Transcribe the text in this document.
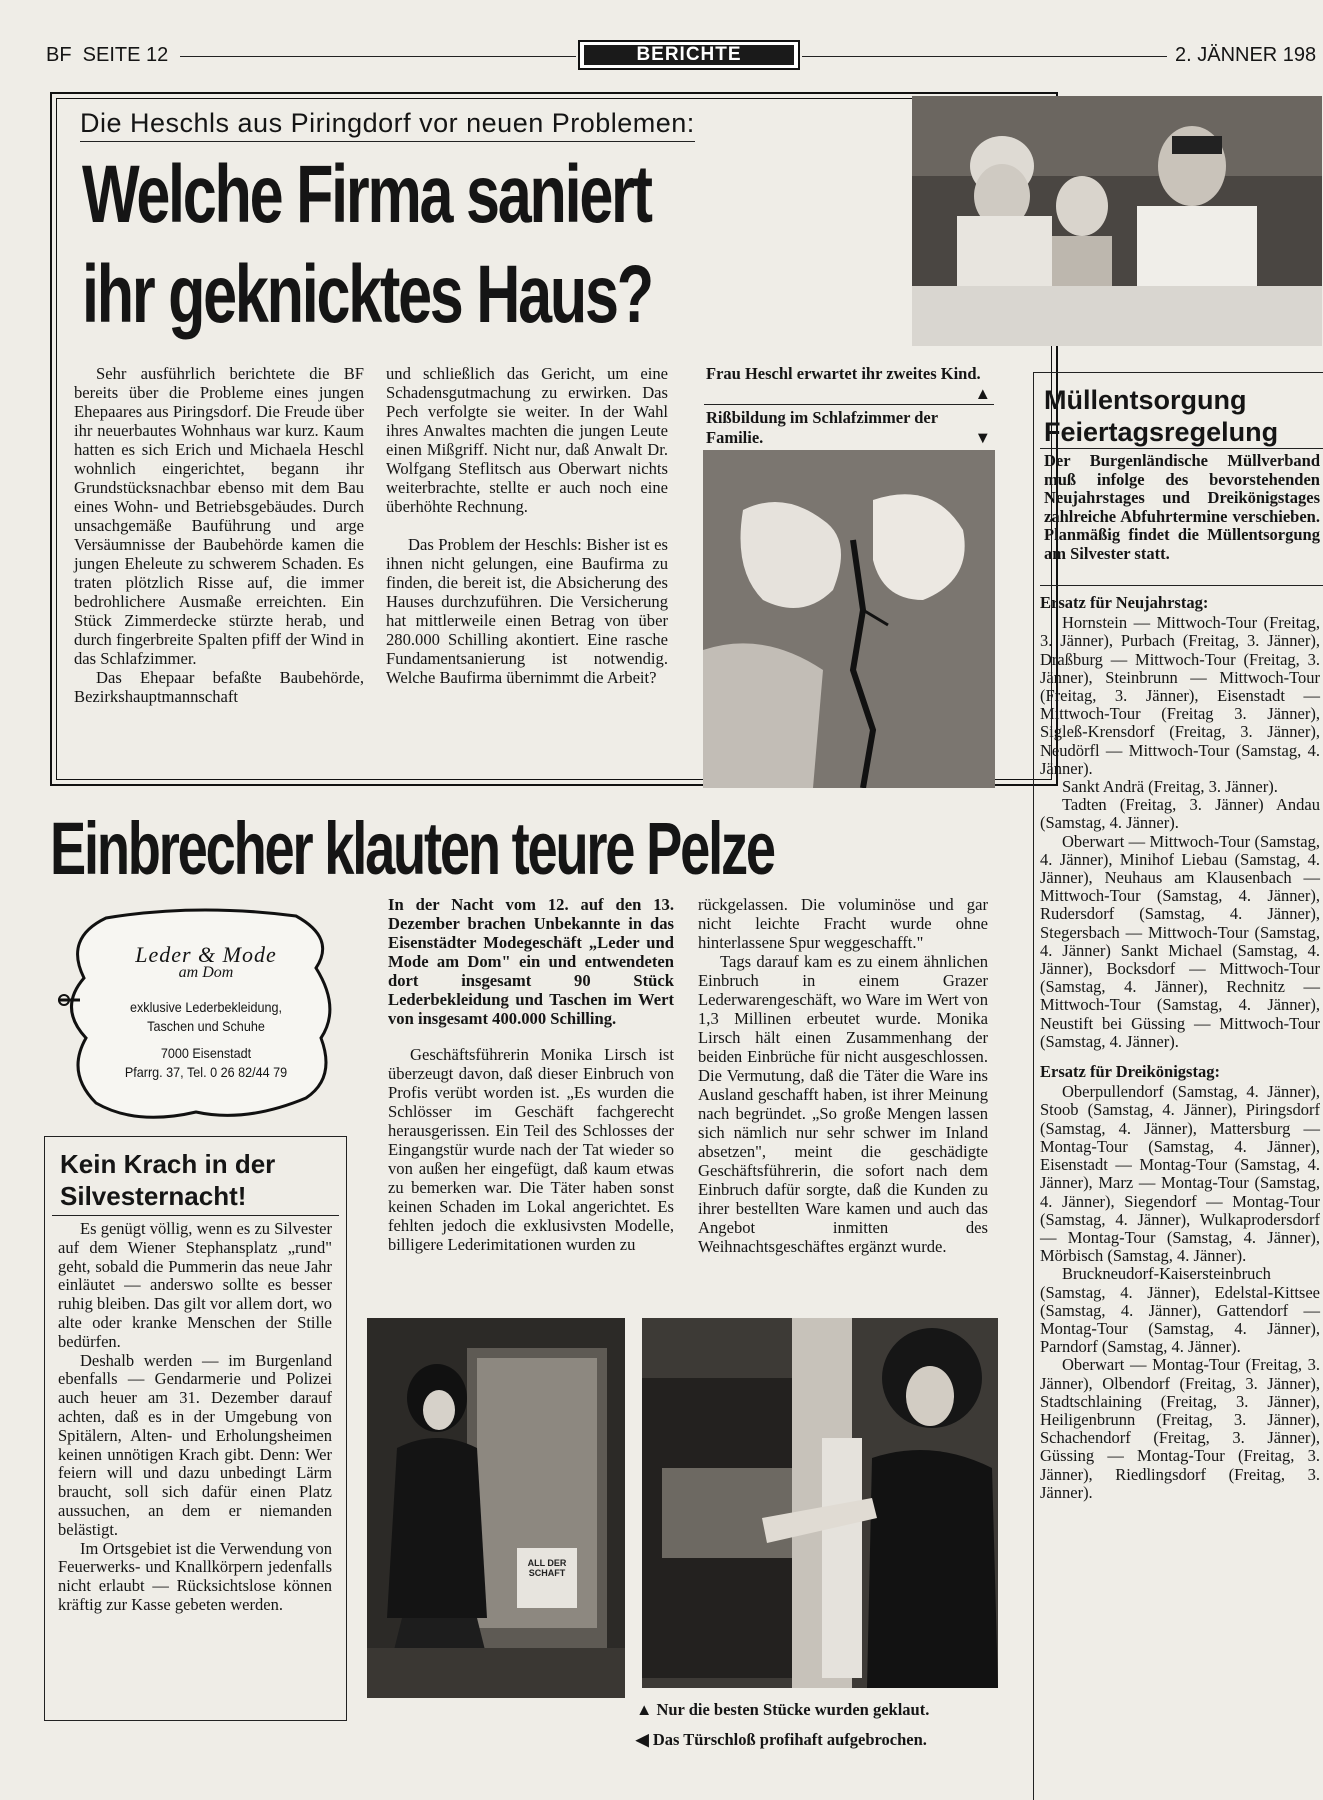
BF  SEITE 12	BERICHTE	2. JÄNNER 198
Die Heschls aus Piringdorf vor neuen Problemen:
Welche Firma saniert
ihr geknicktes Haus?

Sehr ausführlich berichtete die BF bereits über die Probleme eines jungen Ehepaares aus Piringsdorf. Die Freude über ihr neuerbautes Wohnhaus war kurz. Kaum hatten es sich Erich und Michaela Heschl wohnlich eingerichtet, begann ihr Grundstücksnachbar ebenso mit dem Bau eines Wohn- und Betriebsgebäudes. Durch unsachgemäße Bauführung und arge Versäumnisse der Baubehörde kamen die jungen Eheleute zu schwerem Schaden. Es traten plötzlich Risse auf, die immer bedrohlichere Ausmaße erreichten. Ein Stück Zimmerdecke stürzte herab, und durch fingerbreite Spalten pfiff der Wind in das Schlafzimmer.

Das Ehepaar befaßte Baubehörde, Bezirkshauptmannschaft

und schließlich das Gericht, um eine Schadensgutmachung zu erwirken. Das Pech verfolgte sie weiter. In der Wahl ihres Anwaltes machten die jungen Leute einen Mißgriff. Nicht nur, daß Anwalt Dr. Wolfgang Steflitsch aus Oberwart nichts weiterbrachte, stellte er auch noch eine überhöhte Rechnung.

Das Problem der Heschls: Bisher ist es ihnen nicht gelungen, eine Baufirma zu finden, die bereit ist, die Absicherung des Hauses durchzuführen. Die Versicherung hat mittlerweile einen Betrag von über 280.000 Schilling akontiert. Eine rasche Fundamentsanierung ist notwendig. Welche Baufirma übernimmt die Arbeit?

Frau Heschl erwartet ihr zweites Kind.
▲
Rißbildung im Schlafzimmer der Familie.	▼
Müllentsorgung
Feiertagsregelung
Der Burgenländische Müllverband muß infolge des bevorstehenden Neujahrstages und Dreikönigstages zahlreiche Abfuhrtermine verschieben. Planmäßig findet die Müllentsorgung am Silvester statt.
Ersatz für Neujahrstag:

Hornstein — Mittwoch-Tour (Freitag, 3. Jänner), Purbach (Freitag, 3. Jänner), Draßburg — Mittwoch-Tour (Freitag, 3. Jänner), Steinbrunn — Mittwoch-Tour (Freitag, 3. Jänner), Eisenstadt — Mittwoch-Tour (Freitag 3. Jänner), Sigleß-Krensdorf (Freitag, 3. Jänner), Neudörfl — Mittwoch-Tour (Samstag, 4. Jänner).

Sankt Andrä (Freitag, 3. Jänner).

Tadten (Freitag, 3. Jänner) Andau (Samstag, 4. Jänner).

Oberwart — Mittwoch-Tour (Samstag, 4. Jänner), Minihof Liebau (Samstag, 4. Jänner), Neuhaus am Klausenbach — Mittwoch-Tour (Samstag, 4. Jänner), Rudersdorf (Samstag, 4. Jänner), Stegersbach — Mittwoch-Tour (Samstag, 4. Jänner) Sankt Michael (Samstag, 4. Jänner), Bocksdorf — Mittwoch-Tour (Samstag, 4. Jänner), Rechnitz — Mittwoch-Tour (Samstag, 4. Jänner), Neustift bei Güssing — Mittwoch-Tour (Samstag, 4. Jänner).

Ersatz für Dreikönigstag:

Oberpullendorf (Samstag, 4. Jänner), Stoob (Samstag, 4. Jänner), Piringsdorf (Samstag, 4. Jänner), Mattersburg — Montag-Tour (Samstag, 4. Jänner), Eisenstadt — Montag-Tour (Samstag, 4. Jänner), Marz — Montag-Tour (Samstag, 4. Jänner), Siegendorf — Montag-Tour (Samstag, 4. Jänner), Wulkaprodersdorf — Montag-Tour (Samstag, 4. Jänner), Mörbisch (Samstag, 4. Jänner).

Bruckneudorf-Kaisersteinbruch (Samstag, 4. Jänner), Edelstal-Kittsee (Samstag, 4. Jänner), Gattendorf — Montag-Tour (Samstag, 4. Jänner), Parndorf (Samstag, 4. Jänner).

Oberwart — Montag-Tour (Freitag, 3. Jänner), Olbendorf (Freitag, 3. Jänner), Stadtschlaining (Freitag, 3. Jänner), Heiligenbrunn (Freitag, 3. Jänner), Schachendorf (Freitag, 3. Jänner), Güssing — Montag-Tour (Freitag, 3. Jänner), Riedlingsdorf (Freitag, 3. Jänner).

Einbrecher klauten teure Pelze
Leder & Mode
am Dom
exklusive Lederbekleidung,
Taschen und Schuhe
7000 Eisenstadt
Pfarrg. 37, Tel. 0 26 82/44 79
In der Nacht vom 12. auf den 13. Dezember brachen Unbekannte in das Eisenstädter Modegeschäft „Leder und Mode am Dom" ein und entwendeten dort insgesamt 90 Stück Lederbekleidung und Taschen im Wert von insgesamt 400.000 Schilling.

Geschäftsführerin Monika Lirsch ist überzeugt davon, daß dieser Einbruch von Profis verübt worden ist. „Es wurden die Schlösser im Geschäft fachgerecht herausgerissen. Ein Teil des Schlosses der Eingangstür wurde nach der Tat wieder so von außen her eingefügt, daß kaum etwas zu bemerken war. Die Täter haben sonst keinen Schaden im Lokal angerichtet. Es fehlten jedoch die exklusivsten Modelle, billigere Lederimitationen wurden zu

rückgelassen. Die voluminöse und gar nicht leichte Fracht wurde ohne hinterlassene Spur weggeschafft."

Tags darauf kam es zu einem ähnlichen Einbruch in einem Grazer Lederwarengeschäft, wo Ware im Wert von 1,3 Millinen erbeutet wurde. Monika Lirsch hält einen Zusammenhang der beiden Einbrüche für nicht ausgeschlossen. Die Vermutung, daß die Täter die Ware ins Ausland geschafft haben, ist ihrer Meinung nach begründet. „So große Mengen lassen sich nämlich nur sehr schwer im Inland absetzen", meint die geschädigte Geschäftsführerin, die sofort nach dem Einbruch dafür sorgte, daß die Kunden zu ihrer bestellten Ware kamen und auch das Angebot inmitten des Weihnachtsgeschäftes ergänzt wurde.

ALL DER SCHAFT
▲ Nur die besten Stücke wurden geklaut.
◀ Das Türschloß profihaft aufgebrochen.
Kein Krach in der
Silvesternacht!

Es genügt völlig, wenn es zu Silvester auf dem Wiener Stephansplatz „rund" geht, sobald die Pummerin das neue Jahr einläutet — anderswo sollte es besser ruhig bleiben. Das gilt vor allem dort, wo alte oder kranke Menschen der Stille bedürfen.

Deshalb werden — im Burgenland ebenfalls — Gendarmerie und Polizei auch heuer am 31. Dezember darauf achten, daß es in der Umgebung von Spitälern, Alten- und Erholungsheimen keinen unnötigen Krach gibt. Denn: Wer feiern will und dazu unbedingt Lärm braucht, soll sich dafür einen Platz aussuchen, an dem er niemanden belästigt.

Im Ortsgebiet ist die Verwendung von Feuerwerks- und Knallkörpern jedenfalls nicht erlaubt — Rücksichtslose können kräftig zur Kasse gebeten werden.
